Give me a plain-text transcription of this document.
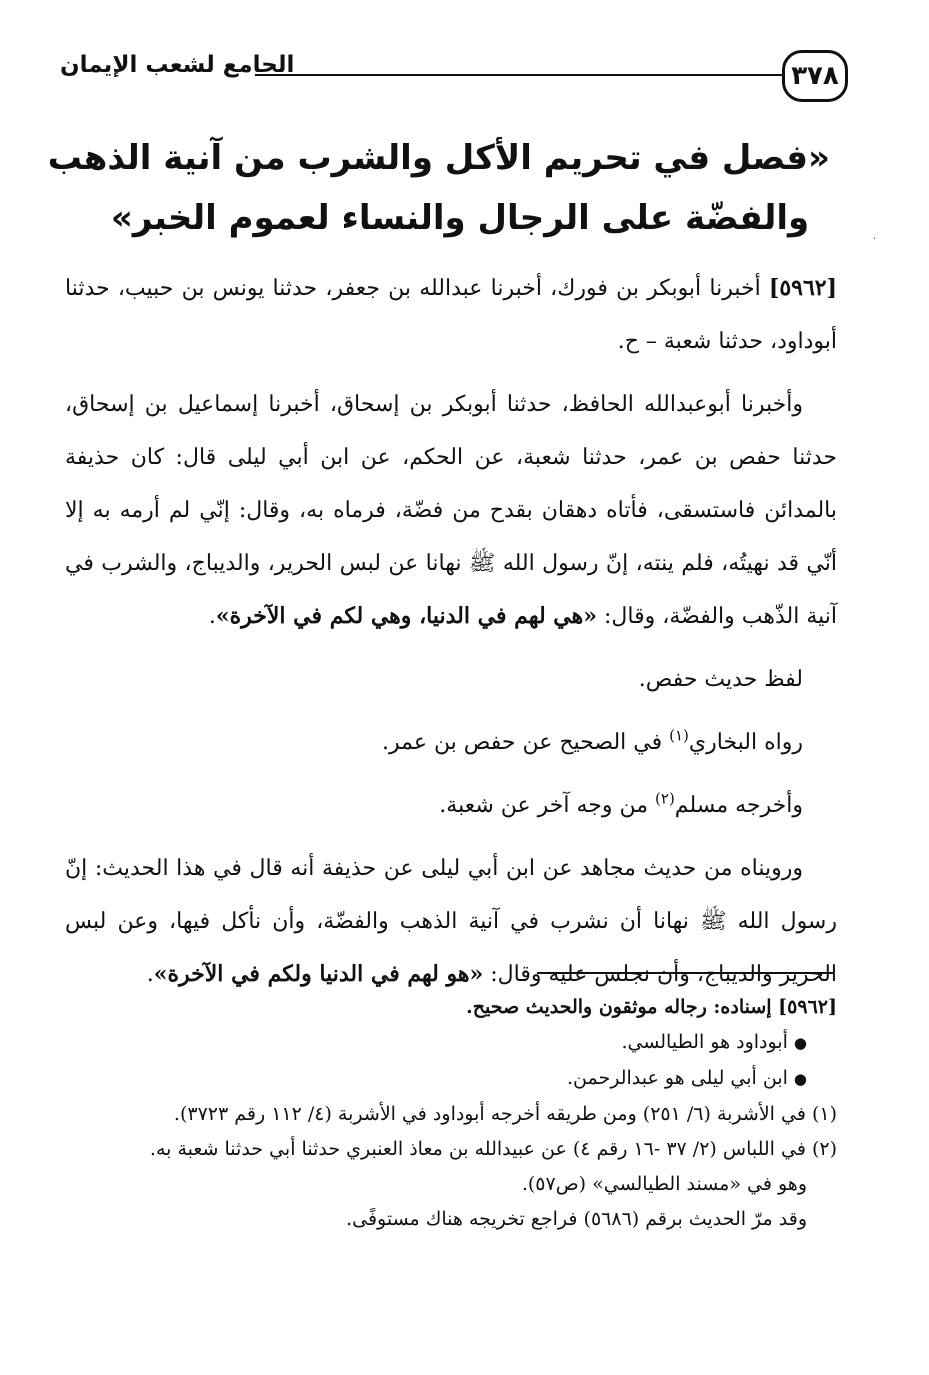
٣٧٨
الجامع لشعب الإيمان
«فصل في تحريم الأكل والشرب من آنية الذهب
والفضّة على الرجال والنساء لعموم الخبر»
·

[٥٩٦٢] أخبرنا أبوبكر بن فورك، أخبرنا عبدالله بن جعفر، حدثنا يونس بن حبيب، حدثنا أبوداود، حدثنا شعبة – ح.

وأخبرنا أبوعبدالله الحافظ، حدثنا أبوبكر بن إسحاق، أخبرنا إسماعيل بن إسحاق، حدثنا حفص بن عمر، حدثنا شعبة، عن الحكم، عن ابن أبي ليلى قال: كان حذيفة بالمدائن فاستسقى، فأتاه دهقان بقدح من فضّة، فرماه به، وقال: إنّي لم أرمه به إلا أنّي قد نهيتُه، فلم ينته، إنّ رسول الله ﷺ نهانا عن لبس الحرير، والديباج، والشرب في آنية الذّهب والفضّة، وقال: «هي لهم في الدنيا، وهي لكم في الآخرة».

لفظ حديث حفص.

رواه البخاري$^{(١)}$ في الصحيح عن حفص بن عمر.

وأخرجه مسلم$^{(٢)}$ من وجه آخر عن شعبة.

ورويناه من حديث مجاهد عن ابن أبي ليلى عن حذيفة أنه قال في هذا الحديث: إنّ رسول الله ﷺ نهانا أن نشرب في آنية الذهب والفضّة، وأن نأكل فيها، وعن لبس الحرير والديباج، وأن نجلس عليه وقال: «هو لهم في الدنيا ولكم في الآخرة».

[٥٩٦٢] إسناده: رجاله موثقون والحديث صحيح.

●أبوداود هو الطيالسي.

●ابن أبي ليلى هو عبدالرحمن.

(١) في الأشربة (٦/ ٢٥١) ومن طريقه أخرجه أبوداود في الأشربة (٤/ ١١٢ رقم ٣٧٢٣).

(٢) في اللباس (٢/ ٣٧ -١٦ رقم ٤) عن عبيدالله بن معاذ العنبري حدثنا أبي حدثنا شعبة به.

وهو في «مسند الطيالسي» (ص٥٧).

وقد مرّ الحديث برقم (٥٦٨٦) فراجع تخريجه هناك مستوفًى.
